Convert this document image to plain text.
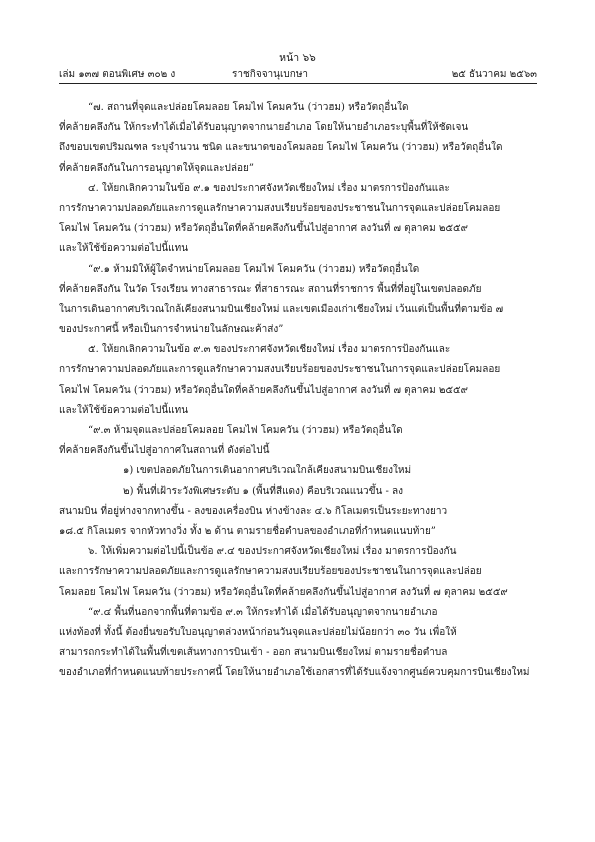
หน้า ๖๖
เล่ม ๑๓๗ ตอนพิเศษ ๓๐๒ ง	ราชกิจจานุเบกษา	๒๕ ธันวาคม ๒๕๖๓
“๗. สถานที่จุดและปล่อยโคมลอย โคมไฟ โคมควัน (ว่าวฮม) หรือวัตถุอื่นใด
ที่คล้ายคลึงกัน ให้กระทำได้เมื่อได้รับอนุญาตจากนายอำเภอ โดยให้นายอำเภอระบุพื้นที่ให้ชัดเจน
ถึงขอบเขตปริมณฑล ระบุจำนวน ชนิด และขนาดของโคมลอย โคมไฟ โคมควัน (ว่าวฮม) หรือวัตถุอื่นใด
ที่คล้ายคลึงกันในการอนุญาตให้จุดและปล่อย”
๔. ให้ยกเลิกความในข้อ ๙.๑ ของประกาศจังหวัดเชียงใหม่ เรื่อง มาตรการป้องกันและ
การรักษาความปลอดภัยและการดูแลรักษาความสงบเรียบร้อยของประชาชนในการจุดและปล่อยโคมลอย
โคมไฟ โคมควัน (ว่าวฮม) หรือวัตถุอื่นใดที่คล้ายคลึงกันขึ้นไปสู่อากาศ ลงวันที่ ๗ ตุลาคม ๒๕๕๙
และให้ใช้ข้อความต่อไปนี้แทน
“๙.๑ ห้ามมิให้ผู้ใดจำหน่ายโคมลอย โคมไฟ โคมควัน (ว่าวฮม) หรือวัตถุอื่นใด
ที่คล้ายคลึงกัน ในวัด โรงเรียน ทางสาธารณะ ที่สาธารณะ สถานที่ราชการ พื้นที่ที่อยู่ในเขตปลอดภัย
ในการเดินอากาศบริเวณใกล้เคียงสนามบินเชียงใหม่ และเขตเมืองเก่าเชียงใหม่ เว้นแต่เป็นพื้นที่ตามข้อ ๗
ของประกาศนี้ หรือเป็นการจำหน่ายในลักษณะค้าส่ง”
๕. ให้ยกเลิกความในข้อ ๙.๓ ของประกาศจังหวัดเชียงใหม่ เรื่อง มาตรการป้องกันและ
การรักษาความปลอดภัยและการดูแลรักษาความสงบเรียบร้อยของประชาชนในการจุดและปล่อยโคมลอย
โคมไฟ โคมควัน (ว่าวฮม) หรือวัตถุอื่นใดที่คล้ายคลึงกันขึ้นไปสู่อากาศ ลงวันที่ ๗ ตุลาคม ๒๕๕๙
และให้ใช้ข้อความต่อไปนี้แทน
“๙.๓ ห้ามจุดและปล่อยโคมลอย โคมไฟ โคมควัน (ว่าวฮม) หรือวัตถุอื่นใด
ที่คล้ายคลึงกันขึ้นไปสู่อากาศในสถานที่ ดังต่อไปนี้
๑) เขตปลอดภัยในการเดินอากาศบริเวณใกล้เคียงสนามบินเชียงใหม่
๒) พื้นที่เฝ้าระวังพิเศษระดับ ๑ (พื้นที่สีแดง) คือบริเวณแนวขึ้น - ลง
สนามบิน ที่อยู่ห่างจากทางขึ้น - ลงของเครื่องบิน ห่างข้างละ ๔.๖ กิโลเมตรเป็นระยะทางยาว
๑๘.๕ กิโลเมตร จากหัวทางวิ่ง ทั้ง ๒ ด้าน ตามรายชื่อตำบลของอำเภอที่กำหนดแนบท้าย”
๖. ให้เพิ่มความต่อไปนี้เป็นข้อ ๙.๔ ของประกาศจังหวัดเชียงใหม่ เรื่อง มาตรการป้องกัน
และการรักษาความปลอดภัยและการดูแลรักษาความสงบเรียบร้อยของประชาชนในการจุดและปล่อย
โคมลอย โคมไฟ โคมควัน (ว่าวฮม) หรือวัตถุอื่นใดที่คล้ายคลึงกันขึ้นไปสู่อากาศ ลงวันที่ ๗ ตุลาคม ๒๕๕๙
“๙.๔ พื้นที่นอกจากพื้นที่ตามข้อ ๙.๓ ให้กระทำได้ เมื่อได้รับอนุญาตจากนายอำเภอ
แห่งท้องที่ ทั้งนี้ ต้องยื่นขอรับใบอนุญาตล่วงหน้าก่อนวันจุดและปล่อยไม่น้อยกว่า ๓๐ วัน เพื่อให้
สามารถกระทำได้ในพื้นที่เขตเส้นทางการบินเข้า - ออก สนามบินเชียงใหม่ ตามรายชื่อตำบล
ของอำเภอที่กำหนดแนบท้ายประกาศนี้ โดยให้นายอำเภอใช้เอกสารที่ได้รับแจ้งจากศูนย์ควบคุมการบินเชียงใหม่
